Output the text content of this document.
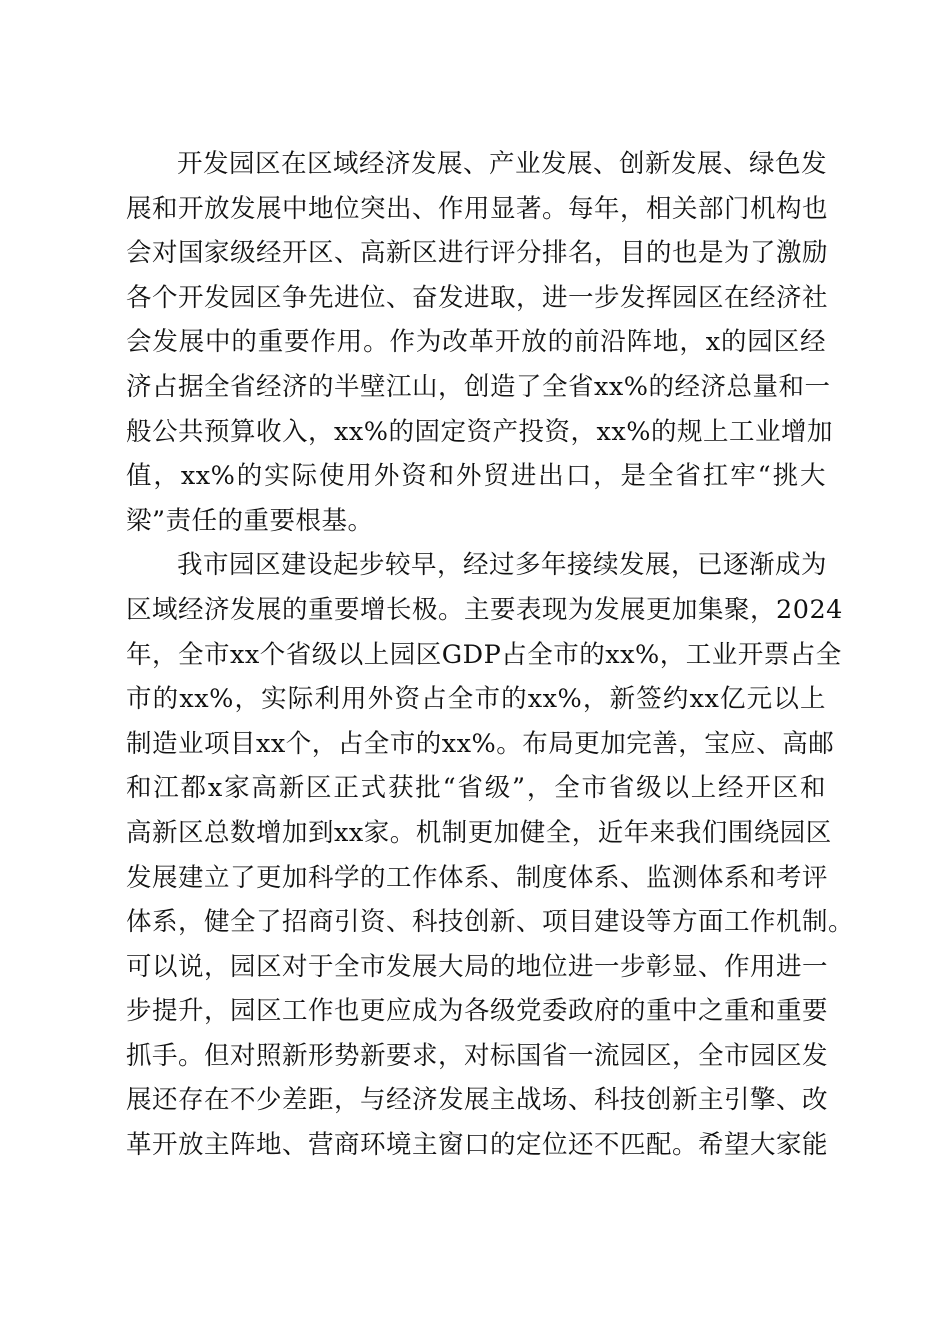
开发园区在区域经济发展、产业发展、创新发展、绿色发
展和开放发展中地位突出、作用显著。每年，相关部门机构也
会对国家级经开区、高新区进行评分排名，目的也是为了激励
各个开发园区争先进位、奋发进取，进一步发挥园区在经济社
会发展中的重要作用。作为改革开放的前沿阵地，x的园区经
济占据全省经济的半壁江山，创造了全省xx%的经济总量和一
般公共预算收入，xx%的固定资产投资，xx%的规上工业增加
值，xx%的实际使用外资和外贸进出口，是全省扛牢“挑大
梁”责任的重要根基。
我市园区建设起步较早，经过多年接续发展，已逐渐成为
区域经济发展的重要增长极。主要表现为发展更加集聚，2024
年，全市xx个省级以上园区GDP占全市的xx%，工业开票占全
市的xx%，实际利用外资占全市的xx%，新签约xx亿元以上
制造业项目xx个，占全市的xx%。布局更加完善，宝应、高邮
和江都x家高新区正式获批“省级”，全市省级以上经开区和
高新区总数增加到xx家。机制更加健全，近年来我们围绕园区
发展建立了更加科学的工作体系、制度体系、监测体系和考评
体系，健全了招商引资、科技创新、项目建设等方面工作机制。
可以说，园区对于全市发展大局的地位进一步彰显、作用进一
步提升，园区工作也更应成为各级党委政府的重中之重和重要
抓手。但对照新形势新要求，对标国省一流园区，全市园区发
展还存在不少差距，与经济发展主战场、科技创新主引擎、改
革开放主阵地、营商环境主窗口的定位还不匹配。希望大家能
